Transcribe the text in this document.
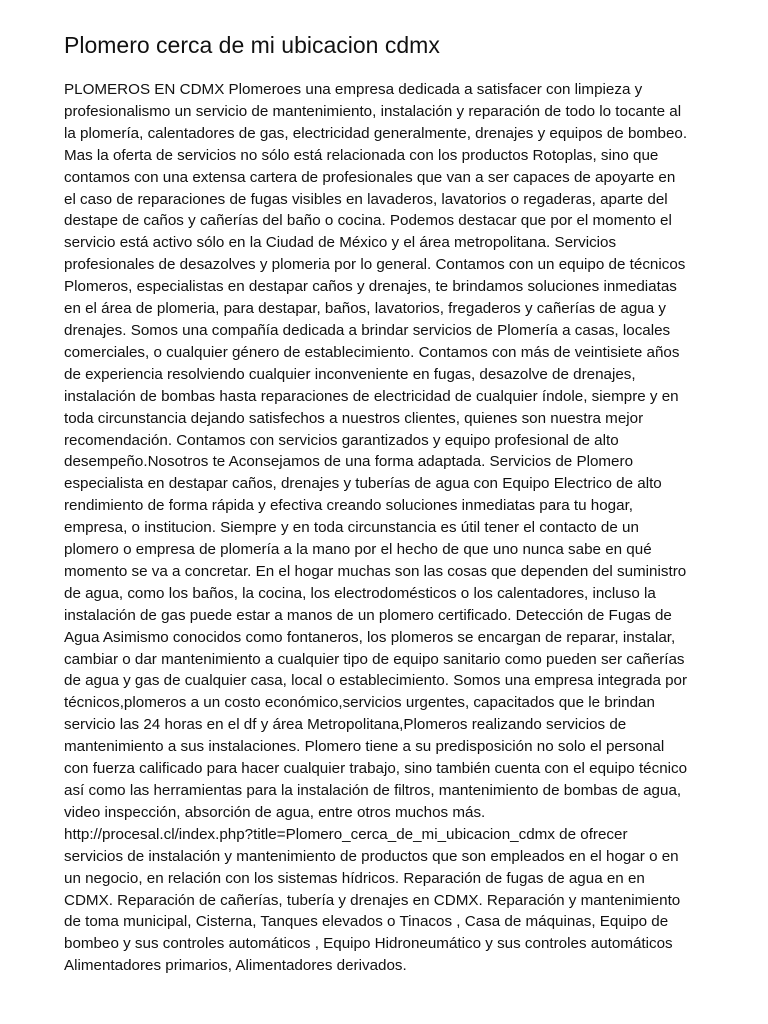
Plomero cerca de mi ubicacion cdmx
PLOMEROS EN CDMX Plomeroes una empresa dedicada a satisfacer con limpieza y
profesionalismo un servicio de mantenimiento, instalación y reparación de todo lo tocante al
la plomería, calentadores de gas, electricidad generalmente, drenajes y equipos de bombeo.
Mas la oferta de servicios no sólo está relacionada con los productos Rotoplas, sino que
contamos con una extensa cartera de profesionales que van a ser capaces de apoyarte en
el caso de reparaciones de fugas visibles en lavaderos, lavatorios o regaderas, aparte del
destape de caños y cañerías del baño o cocina. Podemos destacar que por el momento el
servicio está activo sólo en la Ciudad de México y el área metropolitana. Servicios
profesionales de desazolves y plomeria por lo general. Contamos con un equipo de técnicos
Plomeros, especialistas en destapar caños y drenajes, te brindamos soluciones inmediatas
en el área de plomeria, para destapar, baños, lavatorios, fregaderos y cañerías de agua y
drenajes. Somos una compañía dedicada a brindar servicios de Plomería a casas, locales
comerciales, o cualquier género de establecimiento. Contamos con más de veintisiete años
de experiencia resolviendo cualquier inconveniente en fugas, desazolve de drenajes,
instalación de bombas hasta reparaciones de electricidad de cualquier índole, siempre y en
toda circunstancia dejando satisfechos a nuestros clientes, quienes son nuestra mejor
recomendación. Contamos con servicios garantizados y equipo profesional de alto
desempeño.Nosotros te Aconsejamos de una forma adaptada. Servicios de Plomero
especialista en destapar caños, drenajes y tuberías de agua con Equipo Electrico de alto
rendimiento de forma rápida y efectiva creando soluciones inmediatas para tu hogar,
empresa, o institucion. Siempre y en toda circunstancia es útil tener el contacto de un
plomero o empresa de plomería a la mano por el hecho de que uno nunca sabe en qué
momento se va a concretar. En el hogar muchas son las cosas que dependen del suministro
de agua, como los baños, la cocina, los electrodomésticos o los calentadores, incluso la
instalación de gas puede estar a manos de un plomero certificado. Detección de Fugas de
Agua Asimismo conocidos como fontaneros, los plomeros se encargan de reparar, instalar,
cambiar o dar mantenimiento a cualquier tipo de equipo sanitario como pueden ser cañerías
de agua y gas de cualquier casa, local o establecimiento. Somos una empresa integrada por
técnicos,plomeros a un costo económico,servicios urgentes, capacitados que le brindan
servicio las 24 horas en el df y área Metropolitana,Plomeros realizando servicios de
mantenimiento a sus instalaciones. Plomero tiene a su predisposición no solo el personal
con fuerza calificado para hacer cualquier trabajo, sino también cuenta con el equipo técnico
así como las herramientas para la instalación de filtros, mantenimiento de bombas de agua,
video inspección, absorción de agua, entre otros muchos más.
http://procesal.cl/index.php?title=Plomero_cerca_de_mi_ubicacion_cdmx de ofrecer
servicios de instalación y mantenimiento de productos que son empleados en el hogar o en
un negocio, en relación con los sistemas hídricos. Reparación de fugas de agua en en
CDMX. Reparación de cañerías, tubería y drenajes en CDMX. Reparación y mantenimiento
de toma municipal, Cisterna, Tanques elevados o Tinacos , Casa de máquinas, Equipo de
bombeo y sus controles automáticos , Equipo Hidroneumático y sus controles automáticos
Alimentadores primarios, Alimentadores derivados.
